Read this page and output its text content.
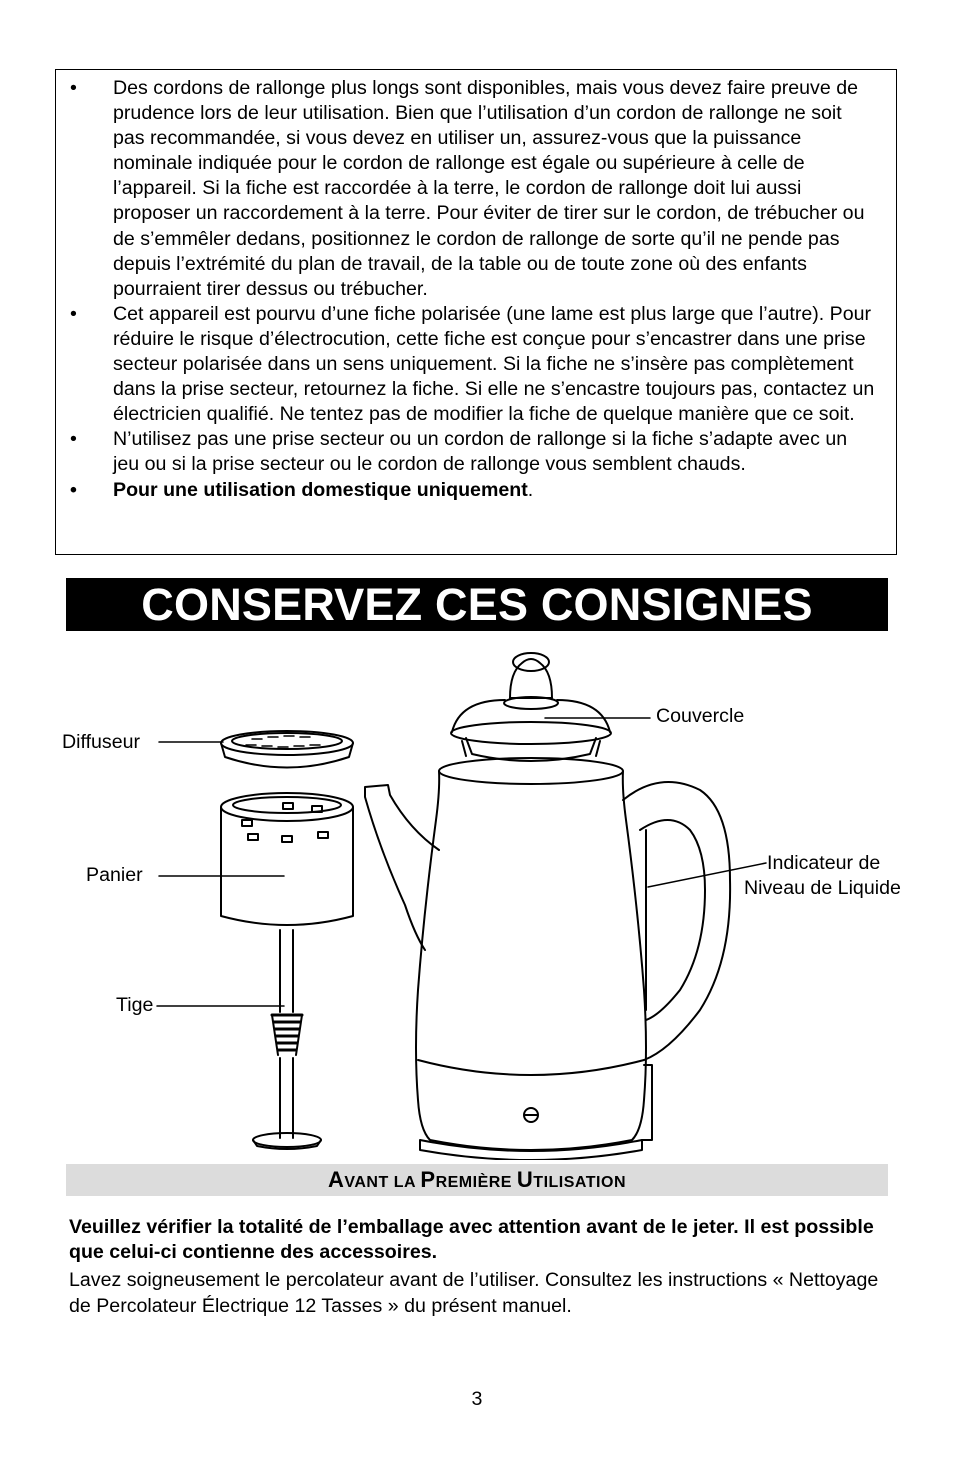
• Des cordons de rallonge plus longs sont disponibles, mais vous devez faire preuve de prudence lors de leur utilisation. Bien que l’utilisation d’un cordon de rallonge ne soit pas recommandée, si vous devez en utiliser un, assurez-vous que la puissance nominale indiquée pour le cordon de rallonge est égale ou supérieure à celle de l’appareil. Si la fiche est raccordée à la terre, le cordon de rallonge doit lui aussi proposer un raccordement à la terre. Pour éviter de tirer sur le cordon, de trébucher ou de s’emmêler dedans, positionnez le cordon de rallonge de sorte qu’il ne pende pas depuis l’extrémité du plan de travail, de la table ou de toute zone où des enfants pourraient tirer dessus ou trébucher.
• Cet appareil est pourvu d’une fiche polarisée (une lame est plus large que l’autre). Pour réduire le risque d’électrocution, cette fiche est conçue pour s’encastrer dans une prise secteur polarisée dans un sens uniquement. Si la fiche ne s’insère pas complètement dans la prise secteur, retournez la fiche. Si elle ne s’encastre toujours pas, contactez un électricien qualifié. Ne tentez pas de modifier la fiche de quelque manière que ce soit.
• N’utilisez pas une prise secteur ou un cordon de rallonge si la fiche s’adapte avec un jeu ou si la prise secteur ou le cordon de rallonge vous semblent chauds.
• Pour une utilisation domestique uniquement.
CONSERVEZ CES CONSIGNES
Diffuseur
Couvercle
Panier
Indicateur de
Niveau de Liquide
Tige
AVANT LA PREMIÈRE UTILISATION
Veuillez vérifier la totalité de l’emballage avec attention avant de le jeter. Il est possible que celui-ci contienne des accessoires.
Lavez soigneusement le percolateur avant de l’utiliser. Consultez les instructions « Nettoyage de Percolateur Électrique 12 Tasses » du présent manuel.
3
